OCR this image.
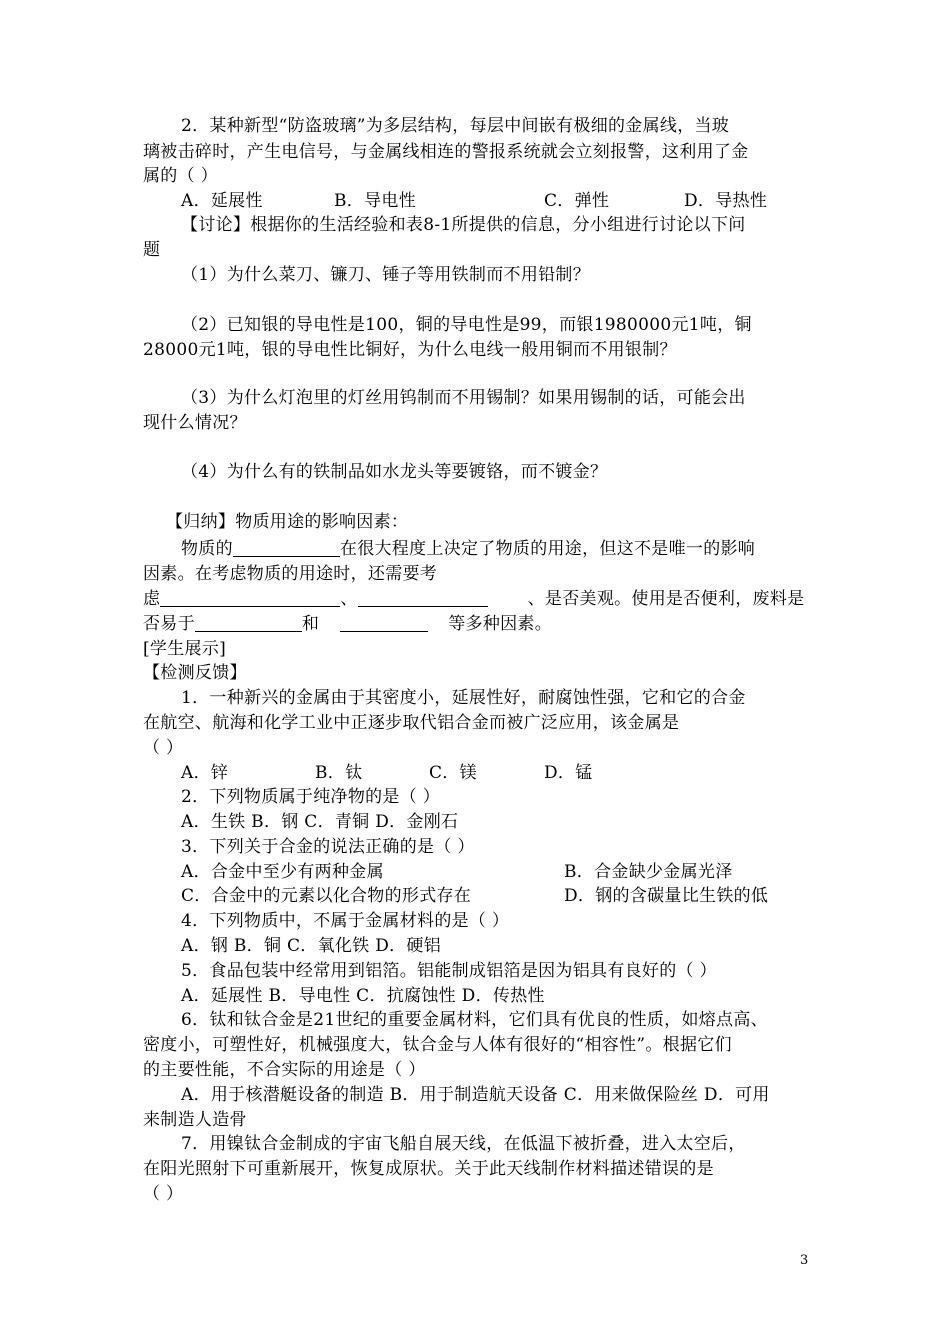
2．某种新型“防盗玻璃”为多层结构，每层中间嵌有极细的金属线，当玻
璃被击碎时，产生电信号，与金属线相连的警报系统就会立刻报警，这利用了金
属的（ ）
A．延展性	B．导电性	C．弹性	D．导热性
【讨论】根据你的生活经验和表8-1所提供的信息，分小组进行讨论以下问
题
（1）为什么菜刀、镰刀、锤子等用铁制而不用铅制？
（2）已知银的导电性是100，铜的导电性是99，而银1980000元1吨，铜
28000元1吨，银的导电性比铜好，为什么电线一般用铜而不用银制？
（3）为什么灯泡里的灯丝用钨制而不用锡制？如果用锡制的话，可能会出
现什么情况？
（4）为什么有的铁制品如水龙头等要镀铬，而不镀金？
【归纳】物质用途的影响因素：
物质的	在很大程度上决定了物质的用途，但这不是唯一的影响
因素。在考虑物质的用途时，还需要考
虑	、	、是否美观。使用是否便利，废料是
否易于	和	等多种因素。
[学生展示]
【检测反馈】
1．一种新兴的金属由于其密度小，延展性好，耐腐蚀性强，它和它的合金
在航空、航海和化学工业中正逐步取代铝合金而被广泛应用，该金属是
（ ）
A．锌	B．钛	C．镁	D．锰
2．下列物质属于纯净物的是（ ）
A．生铁 B．钢 C．青铜 D．金刚石
3．下列关于合金的说法正确的是（ ）
A．合金中至少有两种金属	B．合金缺少金属光泽
C．合金中的元素以化合物的形式存在	D．钢的含碳量比生铁的低
4．下列物质中，不属于金属材料的是（ ）
A．钢 B．铜 C．氧化铁 D．硬铝
5．食品包装中经常用到铝箔。铝能制成铝箔是因为铝具有良好的（ ）
A．延展性 B．导电性 C．抗腐蚀性 D．传热性
6．钛和钛合金是21世纪的重要金属材料，它们具有优良的性质，如熔点高、
密度小，可塑性好，机械强度大，钛合金与人体有很好的“相容性”。根据它们
的主要性能，不合实际的用途是（ ）
A．用于核潜艇设备的制造 B．用于制造航天设备 C．用来做保险丝 D．可用
来制造人造骨
7．用镍钛合金制成的宇宙飞船自展天线，在低温下被折叠，进入太空后，
在阳光照射下可重新展开，恢复成原状。关于此天线制作材料描述错误的是
（ ）
3
